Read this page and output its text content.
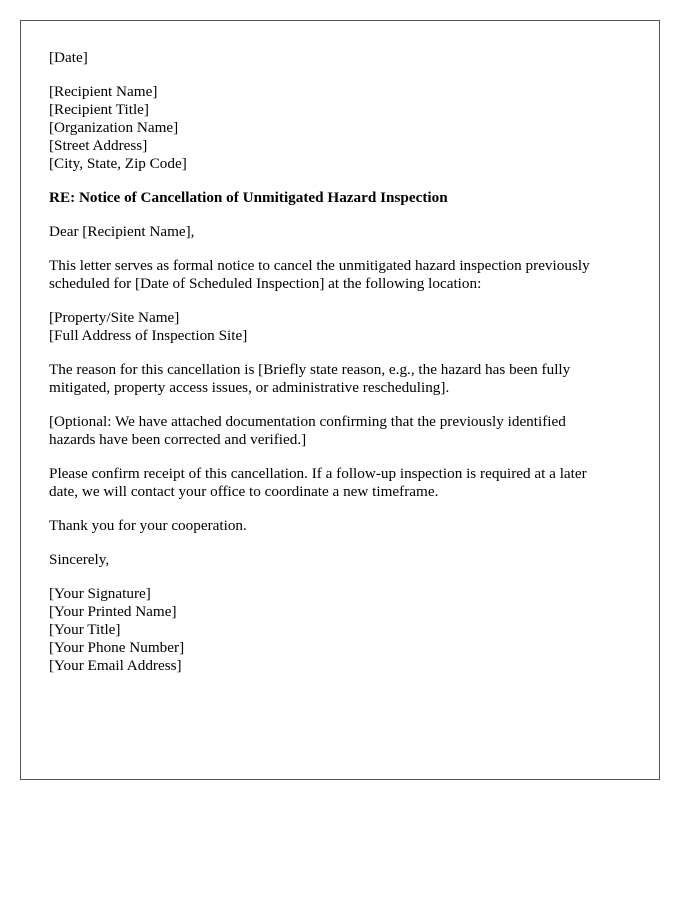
[Date]
[Recipient Name]
[Recipient Title]
[Organization Name]
[Street Address]
[City, State, Zip Code]
RE: Notice of Cancellation of Unmitigated Hazard Inspection
Dear [Recipient Name],
This letter serves as formal notice to cancel the unmitigated hazard inspection previously
scheduled for [Date of Scheduled Inspection] at the following location:
[Property/Site Name]
[Full Address of Inspection Site]
The reason for this cancellation is [Briefly state reason, e.g., the hazard has been fully
mitigated, property access issues, or administrative rescheduling].
[Optional: We have attached documentation confirming that the previously identified
hazards have been corrected and verified.]
Please confirm receipt of this cancellation. If a follow-up inspection is required at a later
date, we will contact your office to coordinate a new timeframe.
Thank you for your cooperation.
Sincerely,
[Your Signature]
[Your Printed Name]
[Your Title]
[Your Phone Number]
[Your Email Address]
